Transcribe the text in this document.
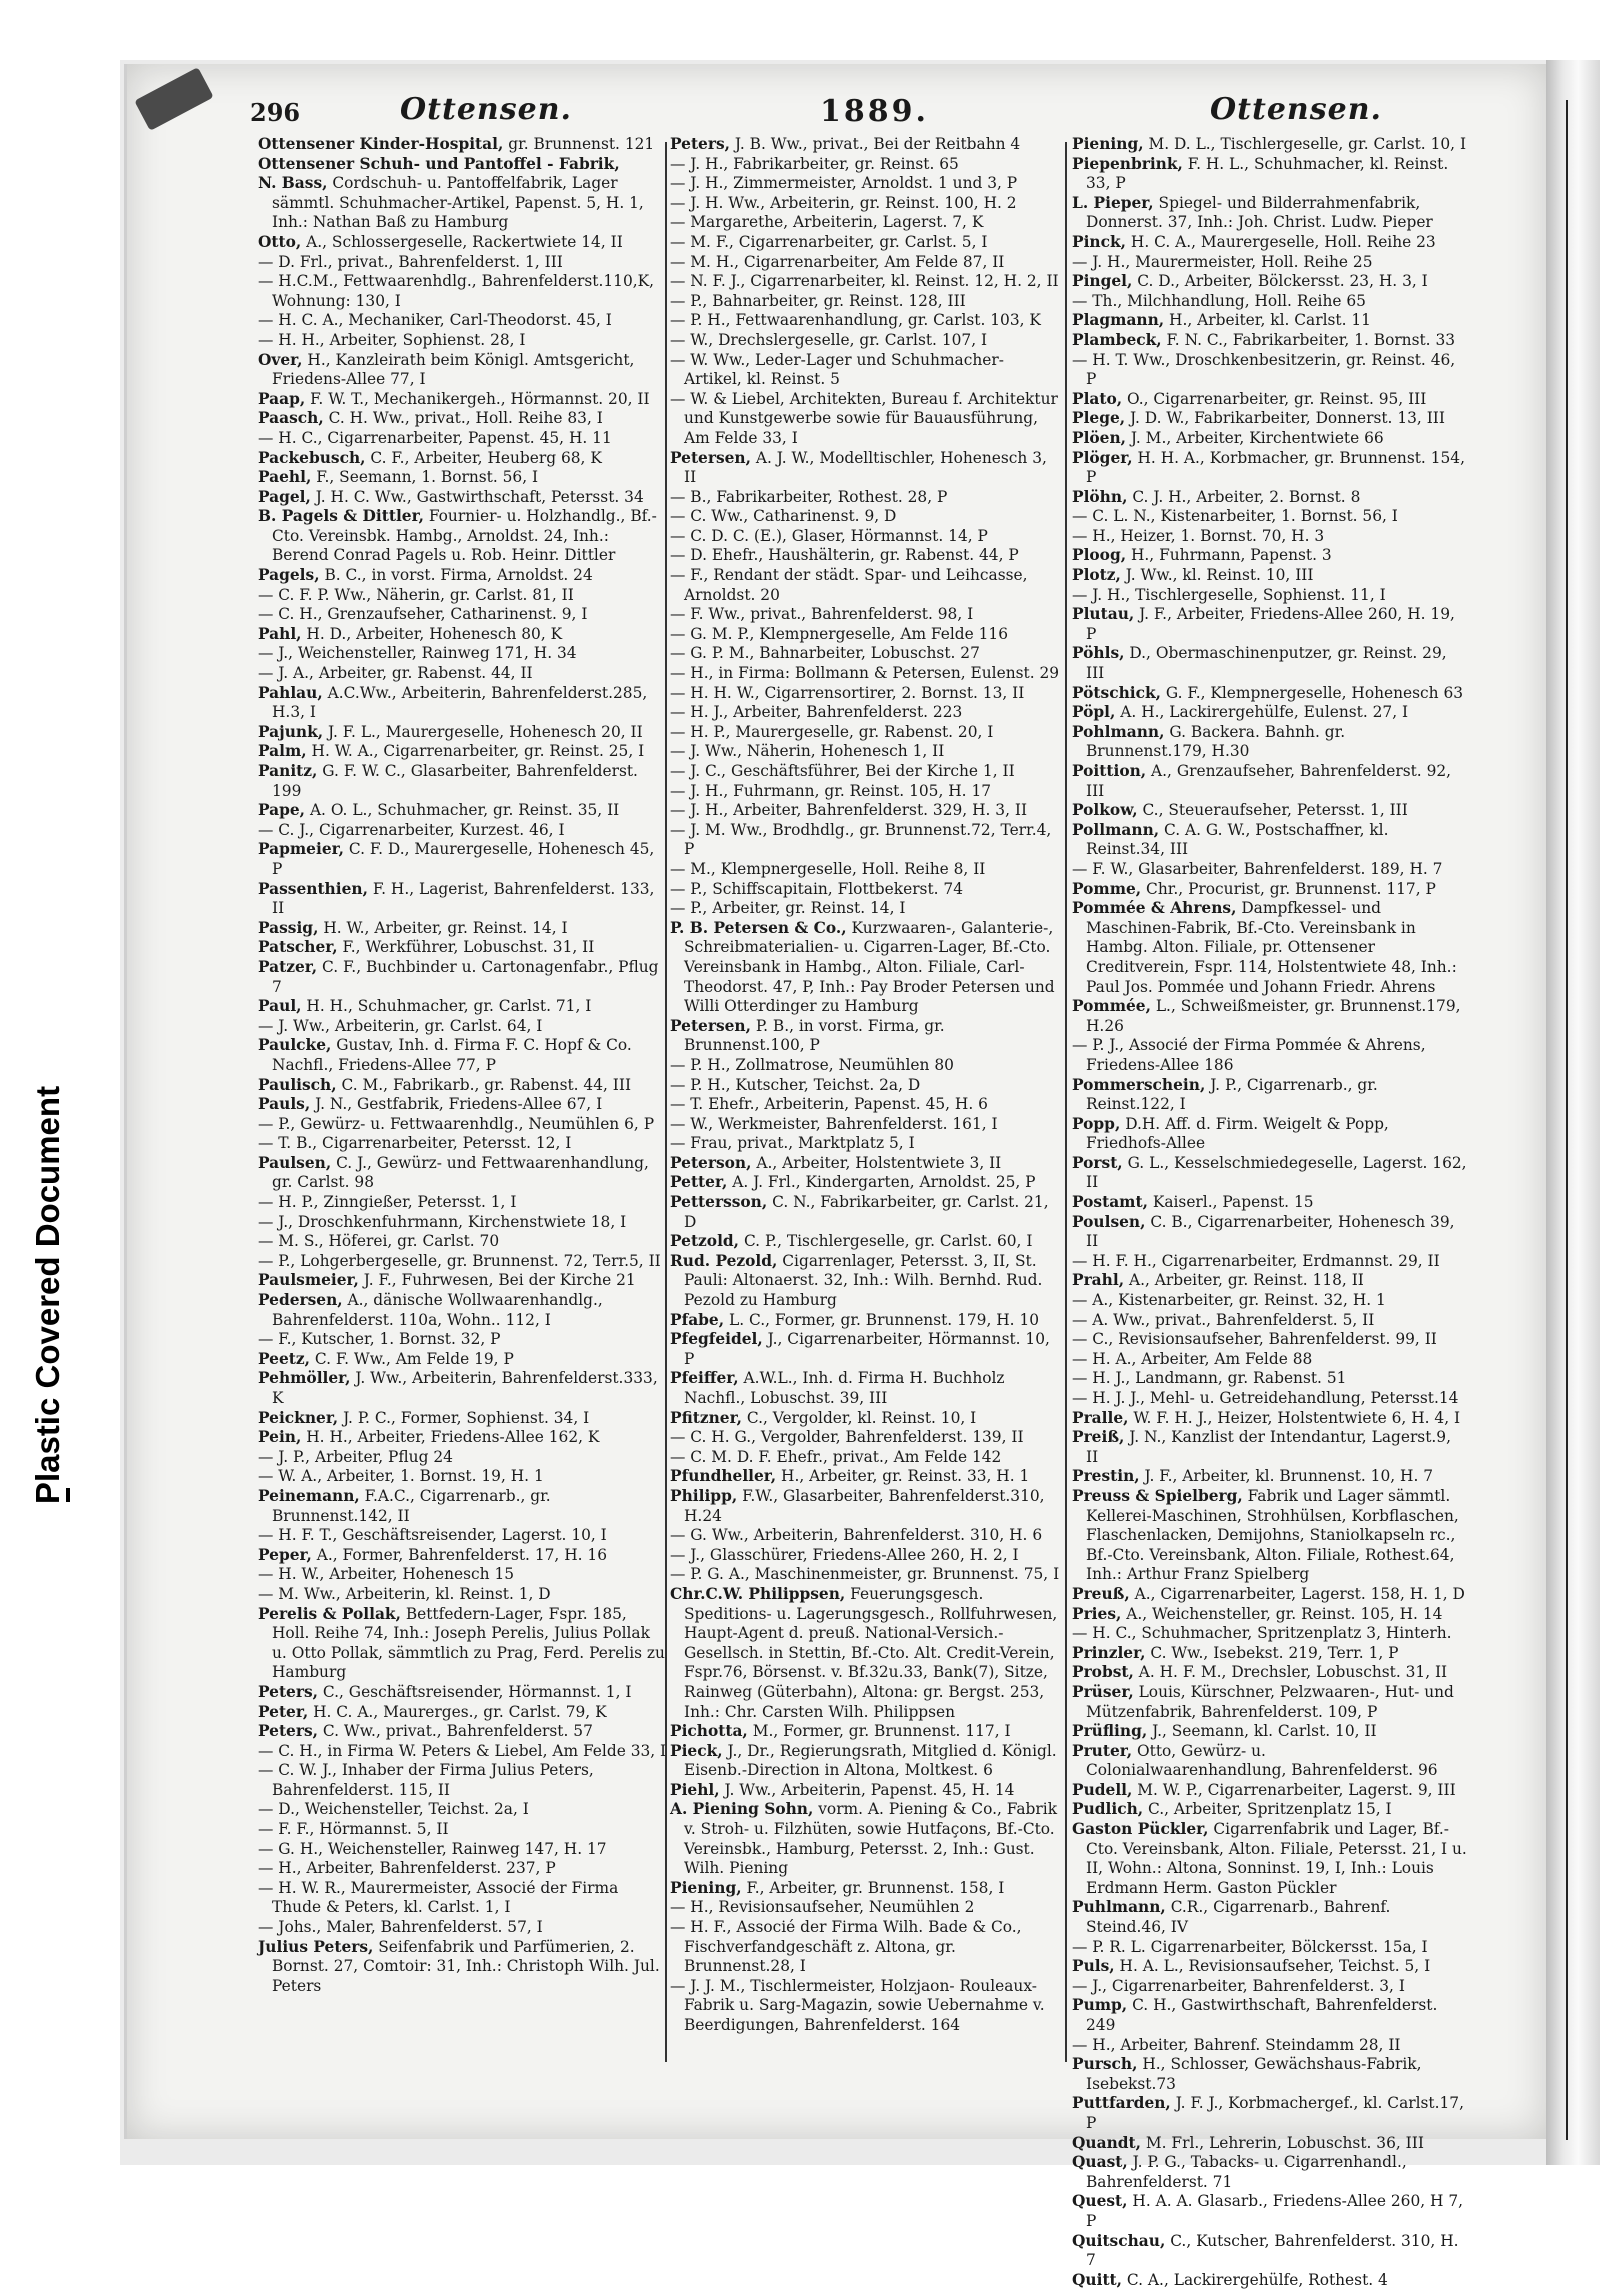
Plastic Covered Document
296	Ottensen.	1889.	Ottensen.

Ottensener Kinder-Hospital, gr. Brunnenst. 121

Ottensener Schuh- und Pantoffel - Fabrik,

N. Bass, Cordschuh- u. Pantoffelfabrik, Lager sämmtl. Schuhmacher-Artikel, Papenst. 5, H. 1, Inh.: Nathan Baß zu Hamburg

Otto, A., Schlossergeselle, Rackertwiete 14, II

— D. Frl., privat., Bahrenfelderst. 1, III

— H.C.M., Fettwaarenhdlg., Bahrenfelderst.110,K, Wohnung: 130, I

— H. C. A., Mechaniker, Carl-Theodorst. 45, I

— H. H., Arbeiter, Sophienst. 28, I

Over, H., Kanzleirath beim Königl. Amtsgericht, Friedens-Allee 77, I

Paap, F. W. T., Mechanikergeh., Hörmannst. 20, II

Paasch, C. H. Ww., privat., Holl. Reihe 83, I

— H. C., Cigarrenarbeiter, Papenst. 45, H. 11

Packebusch, C. F., Arbeiter, Heuberg 68, K

Paehl, F., Seemann, 1. Bornst. 56, I

Pagel, J. H. C. Ww., Gastwirthschaft, Petersst. 34

B. Pagels & Dittler, Fournier- u. Holzhandlg., Bf.-Cto. Vereinsbk. Hambg., Arnoldst. 24, Inh.: Berend Conrad Pagels u. Rob. Heinr. Dittler

Pagels, B. C., in vorst. Firma, Arnoldst. 24

— C. F. P. Ww., Näherin, gr. Carlst. 81, II

— C. H., Grenzaufseher, Catharinenst. 9, I

Pahl, H. D., Arbeiter, Hohenesch 80, K

— J., Weichensteller, Rainweg 171, H. 34

— J. A., Arbeiter, gr. Rabenst. 44, II

Pahlau, A.C.Ww., Arbeiterin, Bahrenfelderst.285, H.3, I

Pajunk, J. F. L., Maurergeselle, Hohenesch 20, II

Palm, H. W. A., Cigarrenarbeiter, gr. Reinst. 25, I

Panitz, G. F. W. C., Glasarbeiter, Bahrenfelderst. 199

Pape, A. O. L., Schuhmacher, gr. Reinst. 35, II

— C. J., Cigarrenarbeiter, Kurzest. 46, I

Papmeier, C. F. D., Maurergeselle, Hohenesch 45, P

Passenthien, F. H., Lagerist, Bahrenfelderst. 133, II

Passig, H. W., Arbeiter, gr. Reinst. 14, I

Patscher, F., Werkführer, Lobuschst. 31, II

Patzer, C. F., Buchbinder u. Cartonagenfabr., Pflug 7

Paul, H. H., Schuhmacher, gr. Carlst. 71, I

— J. Ww., Arbeiterin, gr. Carlst. 64, I

Paulcke, Gustav, Inh. d. Firma F. C. Hopf & Co. Nachfl., Friedens-Allee 77, P

Paulisch, C. M., Fabrikarb., gr. Rabenst. 44, III

Pauls, J. N., Gestfabrik, Friedens-Allee 67, I

— P., Gewürz- u. Fettwaarenhdlg., Neumühlen 6, P

— T. B., Cigarrenarbeiter, Petersst. 12, I

Paulsen, C. J., Gewürz- und Fettwaarenhandlung, gr. Carlst. 98

— H. P., Zinngießer, Petersst. 1, I

— J., Droschkenfuhrmann, Kirchenstwiete 18, I

— M. S., Höferei, gr. Carlst. 70

— P., Lohgerbergeselle, gr. Brunnenst. 72, Terr.5, II

Paulsmeier, J. F., Fuhrwesen, Bei der Kirche 21

Pedersen, A., dänische Wollwaarenhandlg., Bahrenfelderst. 110a, Wohn.. 112, I

— F., Kutscher, 1. Bornst. 32, P

Peetz, C. F. Ww., Am Felde 19, P

Pehmöller, J. Ww., Arbeiterin, Bahrenfelderst.333, K

Peickner, J. P. C., Former, Sophienst. 34, I

Pein, H. H., Arbeiter, Friedens-Allee 162, K

— J. P., Arbeiter, Pflug 24

— W. A., Arbeiter, 1. Bornst. 19, H. 1

Peinemann, F.A.C., Cigarrenarb., gr. Brunnenst.142, II

— H. F. T., Geschäftsreisender, Lagerst. 10, I

Peper, A., Former, Bahrenfelderst. 17, H. 16

— H. W., Arbeiter, Hohenesch 15

— M. Ww., Arbeiterin, kl. Reinst. 1, D

Perelis & Pollak, Bettfedern-Lager, Fspr. 185, Holl. Reihe 74, Inh.: Joseph Perelis, Julius Pollak u. Otto Pollak, sämmtlich zu Prag, Ferd. Perelis zu Hamburg

Peters, C., Geschäftsreisender, Hörmannst. 1, I

Peter, H. C. A., Maurerges., gr. Carlst. 79, K

Peters, C. Ww., privat., Bahrenfelderst. 57

— C. H., in Firma W. Peters & Liebel, Am Felde 33, I

— C. W. J., Inhaber der Firma Julius Peters, Bahrenfelderst. 115, II

— D., Weichensteller, Teichst. 2a, I

— F. F., Hörmannst. 5, II

— G. H., Weichensteller, Rainweg 147, H. 17

— H., Arbeiter, Bahrenfelderst. 237, P

— H. W. R., Maurermeister, Associé der Firma Thude & Peters, kl. Carlst. 1, I

— Johs., Maler, Bahrenfelderst. 57, I

Julius Peters, Seifenfabrik und Parfümerien, 2. Bornst. 27, Comtoir: 31, Inh.: Christoph Wilh. Jul. Peters

Peters, J. B. Ww., privat., Bei der Reitbahn 4

— J. H., Fabrikarbeiter, gr. Reinst. 65

— J. H., Zimmermeister, Arnoldst. 1 und 3, P

— J. H. Ww., Arbeiterin, gr. Reinst. 100, H. 2

— Margarethe, Arbeiterin, Lagerst. 7, K

— M. F., Cigarrenarbeiter, gr. Carlst. 5, I

— M. H., Cigarrenarbeiter, Am Felde 87, II

— N. F. J., Cigarrenarbeiter, kl. Reinst. 12, H. 2, II

— P., Bahnarbeiter, gr. Reinst. 128, III

— P. H., Fettwaarenhandlung, gr. Carlst. 103, K

— W., Drechslergeselle, gr. Carlst. 107, I

— W. Ww., Leder-Lager und Schuhmacher-Artikel, kl. Reinst. 5

— W. & Liebel, Architekten, Bureau f. Architektur und Kunstgewerbe sowie für Bauausführung, Am Felde 33, I

Petersen, A. J. W., Modelltischler, Hohenesch 3, II

— B., Fabrikarbeiter, Rothest. 28, P

— C. Ww., Catharinenst. 9, D

— C. D. C. (E.), Glaser, Hörmannst. 14, P

— D. Ehefr., Haushälterin, gr. Rabenst. 44, P

— F., Rendant der städt. Spar- und Leihcasse, Arnoldst. 20

— F. Ww., privat., Bahrenfelderst. 98, I

— G. M. P., Klempnergeselle, Am Felde 116

— G. P. M., Bahnarbeiter, Lobuschst. 27

— H., in Firma: Bollmann & Petersen, Eulenst. 29

— H. H. W., Cigarrensortirer, 2. Bornst. 13, II

— H. J., Arbeiter, Bahrenfelderst. 223

— H. P., Maurergeselle, gr. Rabenst. 20, I

— J. Ww., Näherin, Hohenesch 1, II

— J. C., Geschäftsführer, Bei der Kirche 1, II

— J. H., Fuhrmann, gr. Reinst. 105, H. 17

— J. H., Arbeiter, Bahrenfelderst. 329, H. 3, II

— J. M. Ww., Brodhdlg., gr. Brunnenst.72, Terr.4, P

— M., Klempnergeselle, Holl. Reihe 8, II

— P., Schiffscapitain, Flottbekerst. 74

— P., Arbeiter, gr. Reinst. 14, I

P. B. Petersen & Co., Kurzwaaren-, Galanterie-, Schreibmaterialien- u. Cigarren-Lager, Bf.-Cto. Vereinsbank in Hambg., Alton. Filiale, Carl-Theodorst. 47, P, Inh.: Pay Broder Petersen und Willi Otterdinger zu Hamburg

Petersen, P. B., in vorst. Firma, gr. Brunnenst.100, P

— P. H., Zollmatrose, Neumühlen 80

— P. H., Kutscher, Teichst. 2a, D

— T. Ehefr., Arbeiterin, Papenst. 45, H. 6

— W., Werkmeister, Bahrenfelderst. 161, I

— Frau, privat., Marktplatz 5, I

Peterson, A., Arbeiter, Holstentwiete 3, II

Petter, A. J. Frl., Kindergarten, Arnoldst. 25, P

Pettersson, C. N., Fabrikarbeiter, gr. Carlst. 21, D

Petzold, C. P., Tischlergeselle, gr. Carlst. 60, I

Rud. Pezold, Cigarrenlager, Petersst. 3, II, St. Pauli: Altonaerst. 32, Inh.: Wilh. Bernhd. Rud. Pezold zu Hamburg

Pfabe, L. C., Former, gr. Brunnenst. 179, H. 10

Pfegfeidel, J., Cigarrenarbeiter, Hörmannst. 10, P

Pfeiffer, A.W.L., Inh. d. Firma H. Buchholz Nachfl., Lobuschst. 39, III

Pfitzner, C., Vergolder, kl. Reinst. 10, I

— C. H. G., Vergolder, Bahrenfelderst. 139, II

— C. M. D. F. Ehefr., privat., Am Felde 142

Pfundheller, H., Arbeiter, gr. Reinst. 33, H. 1

Philipp, F.W., Glasarbeiter, Bahrenfelderst.310, H.24

— G. Ww., Arbeiterin, Bahrenfelderst. 310, H. 6

— J., Glasschürer, Friedens-Allee 260, H. 2, I

— P. G. A., Maschinenmeister, gr. Brunnenst. 75, I

Chr.C.W. Philippsen, Feuerungsgesch. Speditions- u. Lagerungsgesch., Rollfuhrwesen, Haupt-Agent d. preuß. National-Versich.-Gesellsch. in Stettin, Bf.-Cto. Alt. Credit-Verein, Fspr.76, Börsenst. v. Bf.32u.33, Bank(7), Sitze, Rainweg (Güterbahn), Altona: gr. Bergst. 253, Inh.: Chr. Carsten Wilh. Philippsen

Pichotta, M., Former, gr. Brunnenst. 117, I

Pieck, J., Dr., Regierungsrath, Mitglied d. Königl. Eisenb.-Direction in Altona, Moltkest. 6

Piehl, J. Ww., Arbeiterin, Papenst. 45, H. 14

A. Piening Sohn, vorm. A. Piening & Co., Fabrik v. Stroh- u. Filzhüten, sowie Hutfaçons, Bf.-Cto. Vereinsbk., Hamburg, Petersst. 2, Inh.: Gust. Wilh. Piening

Piening, F., Arbeiter, gr. Brunnenst. 158, I

— H., Revisionsaufseher, Neumühlen 2

— H. F., Associé der Firma Wilh. Bade & Co., Fischverfandgeschäft z. Altona, gr. Brunnenst.28, I

— J. J. M., Tischlermeister, Holzjaon- Rouleaux-Fabrik u. Sarg-Magazin, sowie Uebernahme v. Beerdigungen, Bahrenfelderst. 164

Piening, M. D. L., Tischlergeselle, gr. Carlst. 10, I

Piepenbrink, F. H. L., Schuhmacher, kl. Reinst. 33, P

L. Pieper, Spiegel- und Bilderrahmenfabrik, Donnerst. 37, Inh.: Joh. Christ. Ludw. Pieper

Pinck, H. C. A., Maurergeselle, Holl. Reihe 23

— J. H., Maurermeister, Holl. Reihe 25

Pingel, C. D., Arbeiter, Bölckersst. 23, H. 3, I

— Th., Milchhandlung, Holl. Reihe 65

Plagmann, H., Arbeiter, kl. Carlst. 11

Plambeck, F. N. C., Fabrikarbeiter, 1. Bornst. 33

— H. T. Ww., Droschkenbesitzerin, gr. Reinst. 46, P

Plato, O., Cigarrenarbeiter, gr. Reinst. 95, III

Plege, J. D. W., Fabrikarbeiter, Donnerst. 13, III

Plöen, J. M., Arbeiter, Kirchentwiete 66

Plöger, H. H. A., Korbmacher, gr. Brunnenst. 154, P

Plöhn, C. J. H., Arbeiter, 2. Bornst. 8

— C. L. N., Kistenarbeiter, 1. Bornst. 56, I

— H., Heizer, 1. Bornst. 70, H. 3

Ploog, H., Fuhrmann, Papenst. 3

Plotz, J. Ww., kl. Reinst. 10, III

— J. H., Tischlergeselle, Sophienst. 11, I

Plutau, J. F., Arbeiter, Friedens-Allee 260, H. 19, P

Pöhls, D., Obermaschinenputzer, gr. Reinst. 29, III

Pötschick, G. F., Klempnergeselle, Hohenesch 63

Pöpl, A. H., Lackirergehülfe, Eulenst. 27, I

Pohlmann, G. Backera. Bahnh. gr. Brunnenst.179, H.30

Poittion, A., Grenzaufseher, Bahrenfelderst. 92, III

Polkow, C., Steueraufseher, Petersst. 1, III

Pollmann, C. A. G. W., Postschaffner, kl. Reinst.34, III

— F. W., Glasarbeiter, Bahrenfelderst. 189, H. 7

Pomme, Chr., Procurist, gr. Brunnenst. 117, P

Pommée & Ahrens, Dampfkessel- und Maschinen-Fabrik, Bf.-Cto. Vereinsbank in Hambg. Alton. Filiale, pr. Ottensener Creditverein, Fspr. 114, Holstentwiete 48, Inh.: Paul Jos. Pommée und Johann Friedr. Ahrens

Pommée, L., Schweißmeister, gr. Brunnenst.179, H.26

— P. J., Associé der Firma Pommée & Ahrens, Friedens-Allee 186

Pommerschein, J. P., Cigarrenarb., gr. Reinst.122, I

Popp, D.H. Aff. d. Firm. Weigelt & Popp, Friedhofs-Allee

Porst, G. L., Kesselschmiedegeselle, Lagerst. 162, II

Postamt, Kaiserl., Papenst. 15

Poulsen, C. B., Cigarrenarbeiter, Hohenesch 39, II

— H. F. H., Cigarrenarbeiter, Erdmannst. 29, II

Prahl, A., Arbeiter, gr. Reinst. 118, II

— A., Kistenarbeiter, gr. Reinst. 32, H. 1

— A. Ww., privat., Bahrenfelderst. 5, II

— C., Revisionsaufseher, Bahrenfelderst. 99, II

— H. A., Arbeiter, Am Felde 88

— H. J., Landmann, gr. Rabenst. 51

— H. J. J., Mehl- u. Getreidehandlung, Petersst.14

Pralle, W. F. H. J., Heizer, Holstentwiete 6, H. 4, I

Preiß, J. N., Kanzlist der Intendantur, Lagerst.9, II

Prestin, J. F., Arbeiter, kl. Brunnenst. 10, H. 7

Preuss & Spielberg, Fabrik und Lager sämmtl. Kellerei-Maschinen, Strohhülsen, Korbflaschen, Flaschenlacken, Demijohns, Staniolkapseln rc., Bf.-Cto. Vereinsbank, Alton. Filiale, Rothest.64, Inh.: Arthur Franz Spielberg

Preuß, A., Cigarrenarbeiter, Lagerst. 158, H. 1, D

Pries, A., Weichensteller, gr. Reinst. 105, H. 14

— H. C., Schuhmacher, Spritzenplatz 3, Hinterh.

Prinzler, C. Ww., Isebekst. 219, Terr. 1, P

Probst, A. H. F. M., Drechsler, Lobuschst. 31, II

Prüser, Louis, Kürschner, Pelzwaaren-, Hut- und Mützenfabrik, Bahrenfelderst. 109, P

Prüfling, J., Seemann, kl. Carlst. 10, II

Pruter, Otto, Gewürz- u. Colonialwaarenhandlung, Bahrenfelderst. 96

Pudell, M. W. P., Cigarrenarbeiter, Lagerst. 9, III

Pudlich, C., Arbeiter, Spritzenplatz 15, I

Gaston Pückler, Cigarrenfabrik und Lager, Bf.-Cto. Vereinsbank, Alton. Filiale, Petersst. 21, I u. II, Wohn.: Altona, Sonninst. 19, I, Inh.: Louis Erdmann Herm. Gaston Pückler

Puhlmann, C.R., Cigarrenarb., Bahrenf. Steind.46, IV

— P. R. L. Cigarrenarbeiter, Bölckersst. 15a, I

Puls, H. A. L., Revisionsaufseher, Teichst. 5, I

— J., Cigarrenarbeiter, Bahrenfelderst. 3, I

Pump, C. H., Gastwirthschaft, Bahrenfelderst. 249

— H., Arbeiter, Bahrenf. Steindamm 28, II

Pursch, H., Schlosser, Gewächshaus-Fabrik, Isebekst.73

Puttfarden, J. F. J., Korbmachergef., kl. Carlst.17, P

Quandt, M. Frl., Lehrerin, Lobuschst. 36, III

Quast, J. P. G., Tabacks- u. Cigarrenhandl., Bahrenfelderst. 71

Quest, H. A. A. Glasarb., Friedens-Allee 260, H 7, P

Quitschau, C., Kutscher, Bahrenfelderst. 310, H. 7

Quitt, C. A., Lackirergehülfe, Rothest. 4
